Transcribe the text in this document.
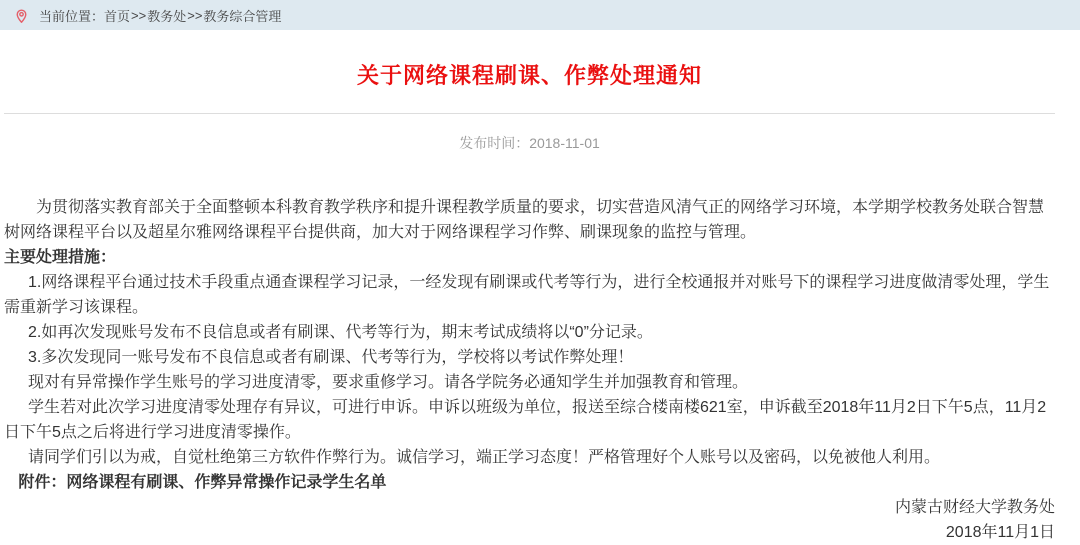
当前位置： 首页 >> 教务处 >> 教务综合管理
关于网络课程刷课、作弊处理通知
发布时间：2018-11-01

为贯彻落实教育部关于全面整顿本科教育教学秩序和提升课程教学质量的要求，切实营造风清气正的网络学习环境，本学期学校教务处联合智慧树网络课程平台以及超星尔雅网络课程平台提供商，加大对于网络课程学习作弊、刷课现象的监控与管理。

主要处理措施：

1.网络课程平台通过技术手段重点通查课程学习记录，一经发现有刷课或代考等行为，进行全校通报并对账号下的课程学习进度做清零处理，学生需重新学习该课程。

2.如再次发现账号发布不良信息或者有刷课、代考等行为，期末考试成绩将以“0”分记录。

3.多次发现同一账号发布不良信息或者有刷课、代考等行为，学校将以考试作弊处理！

现对有异常操作学生账号的学习进度清零，要求重修学习。请各学院务必通知学生并加强教育和管理。

学生若对此次学习进度清零处理存有异议，可进行申诉。申诉以班级为单位，报送至综合楼南楼621室，申诉截至2018年11月2日下午5点，11月2日下午5点之后将进行学习进度清零操作。

请同学们引以为戒，自觉杜绝第三方软件作弊行为。诚信学习，端正学习态度！严格管理好个人账号以及密码，以免被他人利用。

附件：网络课程有刷课、作弊异常操作记录学生名单

内蒙古财经大学教务处

2018年11月1日
